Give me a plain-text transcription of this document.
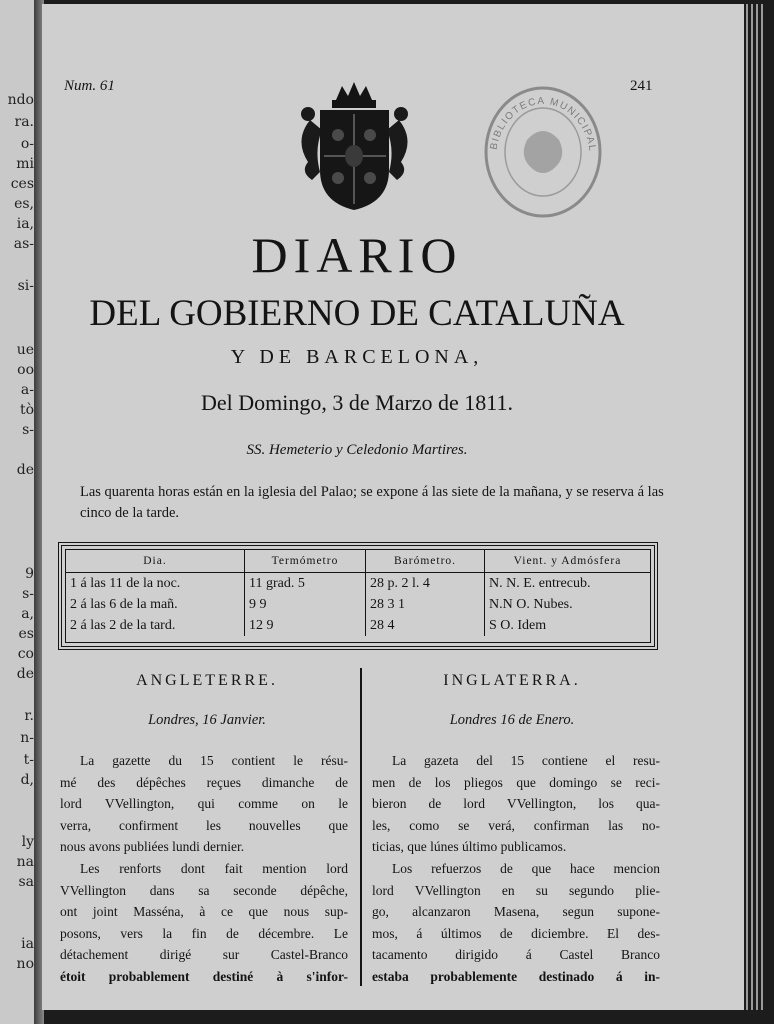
ndo
ra.
o-
mi
ces
es,
ia,
as-
si-
ue
oo
a-
tò
s-
de
9
s-
a,
es
co
de
r.
n-
t-
d,
ly
na
sa
ia
no
Num. 61	241
BIBLIOTECA MUNICIPAL
DIARIO
DEL GOBIERNO DE CATALUÑA
Y DE BARCELONA,
Del Domingo, 3 de Marzo de 1811.
SS. Hemeterio y Celedonio Martires.
Las quarenta horas están en la iglesia del Palao; se expone á las siete de la mañana, y se reserva á las cinco de la tarde.
Dia.	Termómetro	Barómetro.	Vient. y Admósfera
1 á las 11 de la noc.	11 grad. 5	28 p. 2 l. 4	N. N. E. entrecub.
2 á las 6 de la mañ.	9 9	28 3 1	N.N O. Nubes.
2 á las 2 de la tard.	12 9	28 4	S O. Idem
ANGLETERRE.
Londres, 16 Janvier.
INGLATERRA.
Londres 16 de Enero.
La gazette du 15 contient le résu-
mé des dépêches reçues dimanche de
lord VVellington, qui comme on le
verra, confirment les nouvelles que
nous avons publiées lundi dernier.
Les renforts dont fait mention lord
VVellington dans sa seconde dépêche,
ont joint Masséna, à ce que nous sup-
posons, vers la fin de décembre. Le
détachement dirigé sur Castel-Branco
étoit probablement destiné à s'infor-
La gazeta del 15 contiene el resu-
men de los pliegos que domingo se reci-
bieron de lord VVellington, los qua-
les, como se verá, confirman las no-
ticias, que lúnes último publicamos.
Los refuerzos de que hace mencion
lord VVellington en su segundo plie-
go, alcanzaron Masena, segun supone-
mos, á últimos de diciembre. El des-
tacamento dirigido á Castel Branco
estaba probablemente destinado á in-
